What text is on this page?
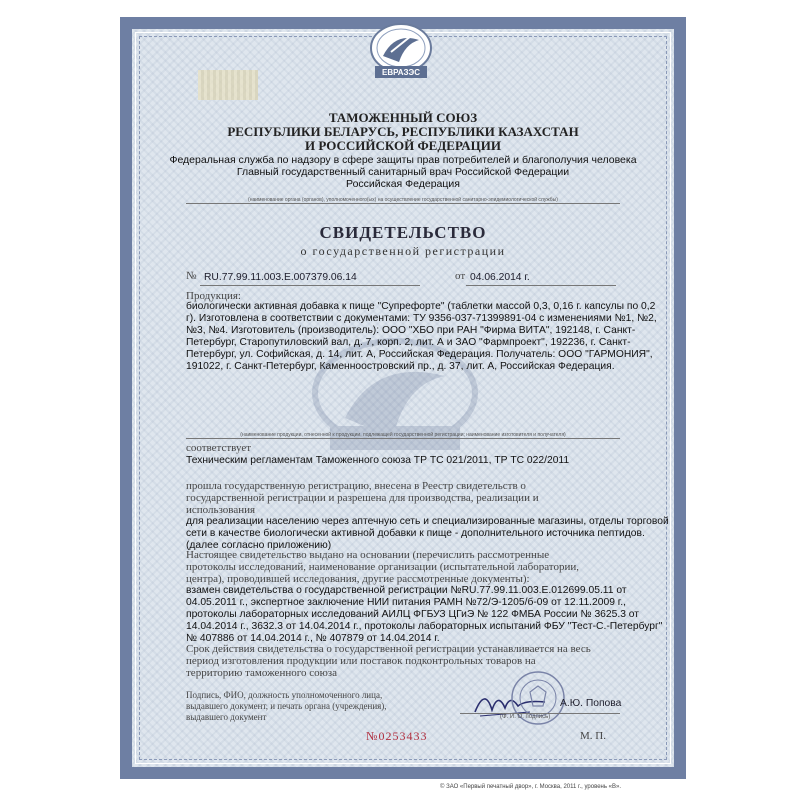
ЕВРАЗЭС
ТАМОЖЕННЫЙ СОЮЗ
РЕСПУБЛИКИ БЕЛАРУСЬ, РЕСПУБЛИКИ КАЗАХСТАН
И РОССИЙСКОЙ ФЕДЕРАЦИИ
Федеральная служба по надзору в сфере защиты прав потребителей и благополучия человека
Главный государственный санитарный врач Российской Федерации
Российская Федерация
(наименование органа (органов), уполномоченного(ых) на осуществление государственной санитарно-эпидемиологической службы)
СВИДЕТЕЛЬСТВО
о государственной регистрации
№ RU.77.99.11.003.Е.007379.06.14	от 04.06.2014 г.
Продукция:
биологически активная добавка к пище "Супрефорте" (таблетки массой 0,3, 0,16 г. капсулы по 0,2
г). Изготовлена в соответствии с документами: ТУ 9356-037-71399891-04 с изменениями №1, №2,
№3, №4. Изготовитель (производитель): ООО "ХБО при РАН "Фирма ВИТА", 192148, г. Санкт-
Петербург, Старопутиловский вал, д. 7, корп. 2, лит. А и ЗАО "Фармпроект", 192236, г. Санкт-
Петербург, ул. Софийская, д. 14, лит. А, Российская Федерация. Получатель: ООО "ГАРМОНИЯ",
191022, г. Санкт-Петербург, Каменноостровский пр., д. 37, лит. А, Российская Федерация.
(наименование продукции, отнесенной к продукции, подлежащей государственной регистрации; наименование изготовителя и получателя)
соответствует
Техническим регламентам Таможенного союза ТР ТС 021/2011, ТР ТС 022/2011
прошла государственную регистрацию, внесена в Реестр свидетельств о
государственной регистрации и разрешена для производства, реализации и
использования
для реализации населению через аптечную сеть и специализированные магазины, отделы торговой
сети в качестве биологически активной добавки к пище - дополнительного источника пептидов.
(далее согласно приложению)
Настоящее свидетельство выдано на основании (перечислить рассмотренные
протоколы исследований, наименование организации (испытательной лаборатории,
центра), проводившей исследования, другие рассмотренные документы):
взамен свидетельства о государственной регистрации №RU.77.99.11.003.Е.012699.05.11 от
04.05.2011 г., экспертное заключение НИИ питания РАМН №72/Э-1205/б-09 от 12.11.2009 г.,
протоколы лабораторных исследований АИЛЦ ФГБУЗ ЦГиЭ № 122 ФМБА России № 3625.3 от
14.04.2014 г., 3632.3 от 14.04.2014 г., протоколы лабораторных испытаний ФБУ "Тест-С.-Петербург"
№ 407886 от 14.04.2014 г., № 407879 от 14.04.2014 г.
Срок действия свидетельства о государственной регистрации устанавливается на весь
период изготовления продукции или поставок подконтрольных товаров на
территорию таможенного союза
Подпись, ФИО, должность уполномоченного лица,
выдавшего документ, и печать органа (учреждения),
выдавшего документ
А.Ю. Попова
(Ф. И. О. подпись)
№0253433	М. П.
© ЗАО «Первый печатный двор», г. Москва, 2011 г., уровень «В».
